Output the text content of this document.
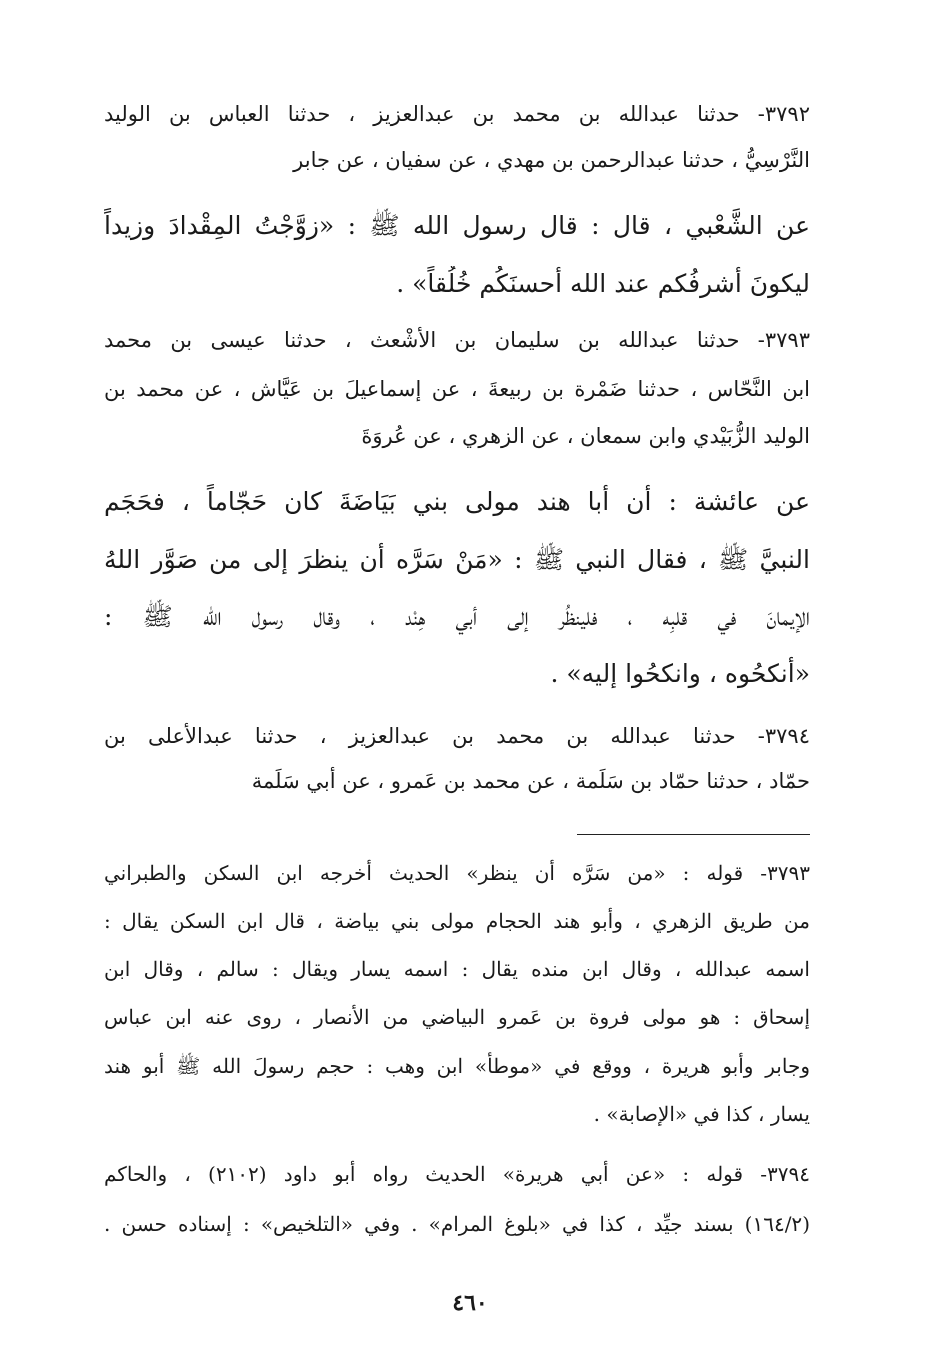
٣٧٩٢- حدثنا عبدالله بن محمد بن عبدالعزيز ، حدثنا العباس بن الوليد
النَّرْسِيُّ ، حدثنا عبدالرحمن بن مهدي ، عن سفيان ، عن جابر
عن الشَّعْبي ، قال : قال رسول الله ﷺ : «زوَّجْتُ المِقْدادَ وزيداً
ليكونَ أشرفُكم عند الله أحسنَكُم خُلُقاً» .
٣٧٩٣- حدثنا عبدالله بن سليمان بن الأشْعث ، حدثنا عيسى بن محمد
ابن النَّحّاس ، حدثنا ضَمْرة بن ربيعةَ ، عن إسماعيلَ بن عَيَّاش ، عن محمد بن
الوليد الزُّبَيْدي وابن سمعان ، عن الزهري ، عن عُروَةَ
عن عائشة : أن أبا هند مولى بني بَيَاضَةَ كان حَجّاماً ، فحَجَم
النبيَّ ﷺ ، فقال النبي ﷺ : «مَنْ سَرَّه أن ينظرَ إلى من صَوَّر اللهُ
الإيمانَ في قلبِه ، فلينظُر إلى أبي هِنْد ، وقال رسول الله ﷺ :
«أنكحُوه ، وانكحُوا إليه» .
٣٧٩٤- حدثنا عبدالله بن محمد بن عبدالعزيز ، حدثنا عبدالأعلى بن
حمّاد ، حدثنا حمّاد بن سَلَمة ، عن محمد بن عَمرو ، عن أبي سَلَمة
٣٧٩٣- قوله : «من سَرَّه أن ينظر» الحديث أخرجه ابن السكن والطبراني
من طريق الزهري ، وأبو هند الحجام مولى بني بياضة ، قال ابن السكن يقال :
اسمه عبدالله ، وقال ابن منده يقال : اسمه يسار ويقال : سالم ، وقال ابن
إسحاق : هو مولى فروة بن عَمرو البياضي من الأنصار ، روى عنه ابن عباس
وجابر وأبو هريرة ، ووقع في «موطأ» ابن وهب : حجم رسولَ الله ﷺ أبو هند
يسار ، كذا في «الإصابة» .
٣٧٩٤- قوله : «عن أبي هريرة» الحديث رواه أبو داود (٢١٠٢) ، والحاكم
(١٦٤/٢) بسند جيِّد ، كذا في «بلوغ المرام» . وفي «التلخيص» : إسناده حسن .
٤٦٠
